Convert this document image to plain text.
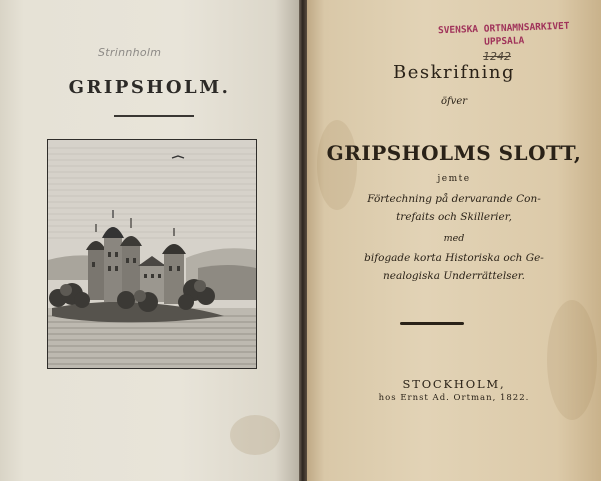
Strinnholm
GRIPSHOLM.
SVENSKA ORTNAMNSARKIVET
UPPSALA
1242
Beskrifning
öfver
GRIPSHOLMS SLOTT,
jemte
Förtechning på dervarande Con-
trefaits och Skillerier,
med
bifogade korta Historiska och Ge-
nealogiska Underrättelser.
STOCKHOLM,
hos Ernst Ad. Ortman, 1822.
